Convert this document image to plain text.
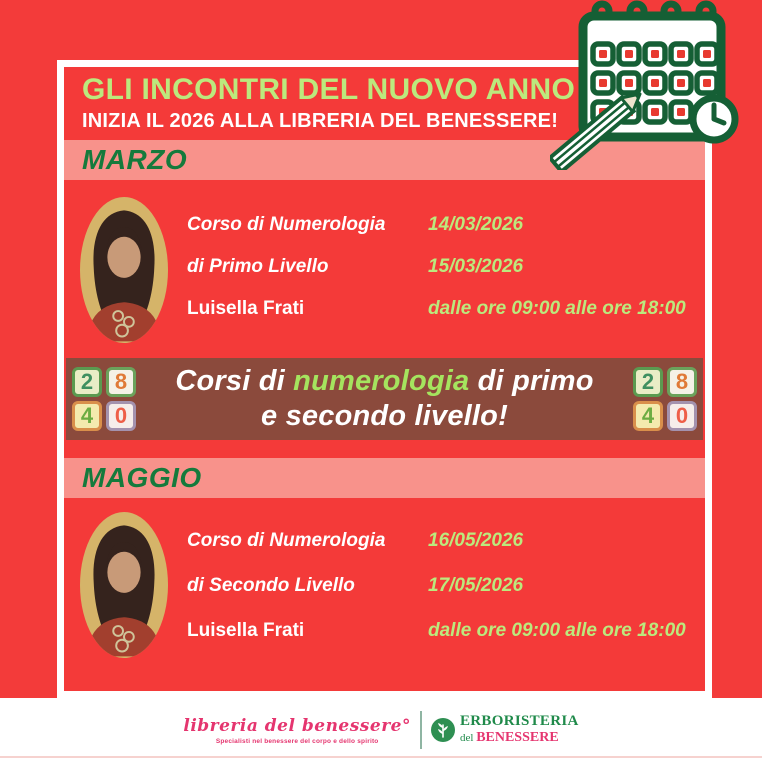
GLI INCONTRI DEL NUOVO ANNO
INIZIA IL 2026 ALLA LIBRERIA DEL BENESSERE!
MARZO
Corso di Numerologia
di Primo Livello
Luisella Frati
14/03/2026
15/03/2026
dalle ore 09:00 alle ore 18:00
2 8
4 0
Corsi di numerologia di primo
e secondo livello!
2 8
4 0
MAGGIO
Corso di Numerologia
di Secondo Livello
Luisella Frati
16/05/2026
17/05/2026
dalle ore 09:00 alle ore 18:00
libreria del benessere°
Specialisti nel benessere del corpo e dello spirito
ERBORISTERIA
del BENESSERE
